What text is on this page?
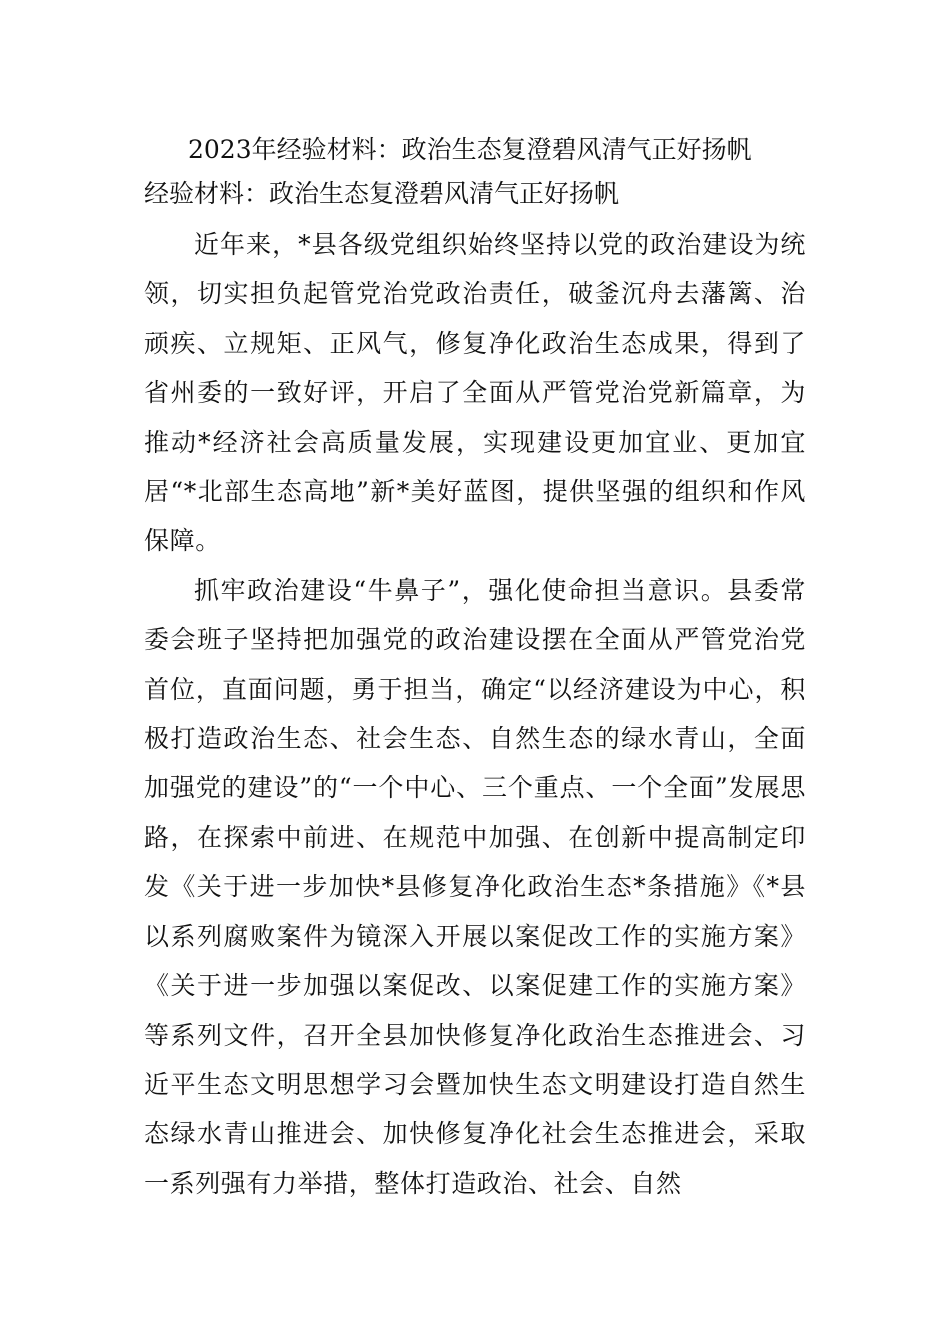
2023年经验材料：政治生态复澄碧风清气正好扬帆
经验材料：政治生态复澄碧风清气正好扬帆

近年来，*县各级党组织始终坚持以党的政治建设为统领，切实担负起管党治党政治责任，破釜沉舟去藩篱、治顽疾、立规矩、正风气，修复净化政治生态成果，得到了省州委的一致好评，开启了全面从严管党治党新篇章，为推动*经济社会高质量发展，实现建设更加宜业、更加宜居“*北部生态高地”新*美好蓝图，提供坚强的组织和作风保障。

抓牢政治建设“牛鼻子”，强化使命担当意识。县委常委会班子坚持把加强党的政治建设摆在全面从严管党治党首位，直面问题，勇于担当，确定“以经济建设为中心，积极打造政治生态、社会生态、自然生态的绿水青山，全面加强党的建设”的“一个中心、三个重点、一个全面”发展思路，在探索中前进、在规范中加强、在创新中提高制定印发《关于进一步加快*县修复净化政治生态*条措施》《*县以系列腐败案件为镜深入开展以案促改工作的实施方案》《关于进一步加强以案促改、以案促建工作的实施方案》等系列文件，召开全县加快修复净化政治生态推进会、习近平生态文明思想学习会暨加快生态文明建设打造自然生态绿水青山推进会、加快修复净化社会生态推进会，采取一系列强有力举措，整体打造政治、社会、自然
